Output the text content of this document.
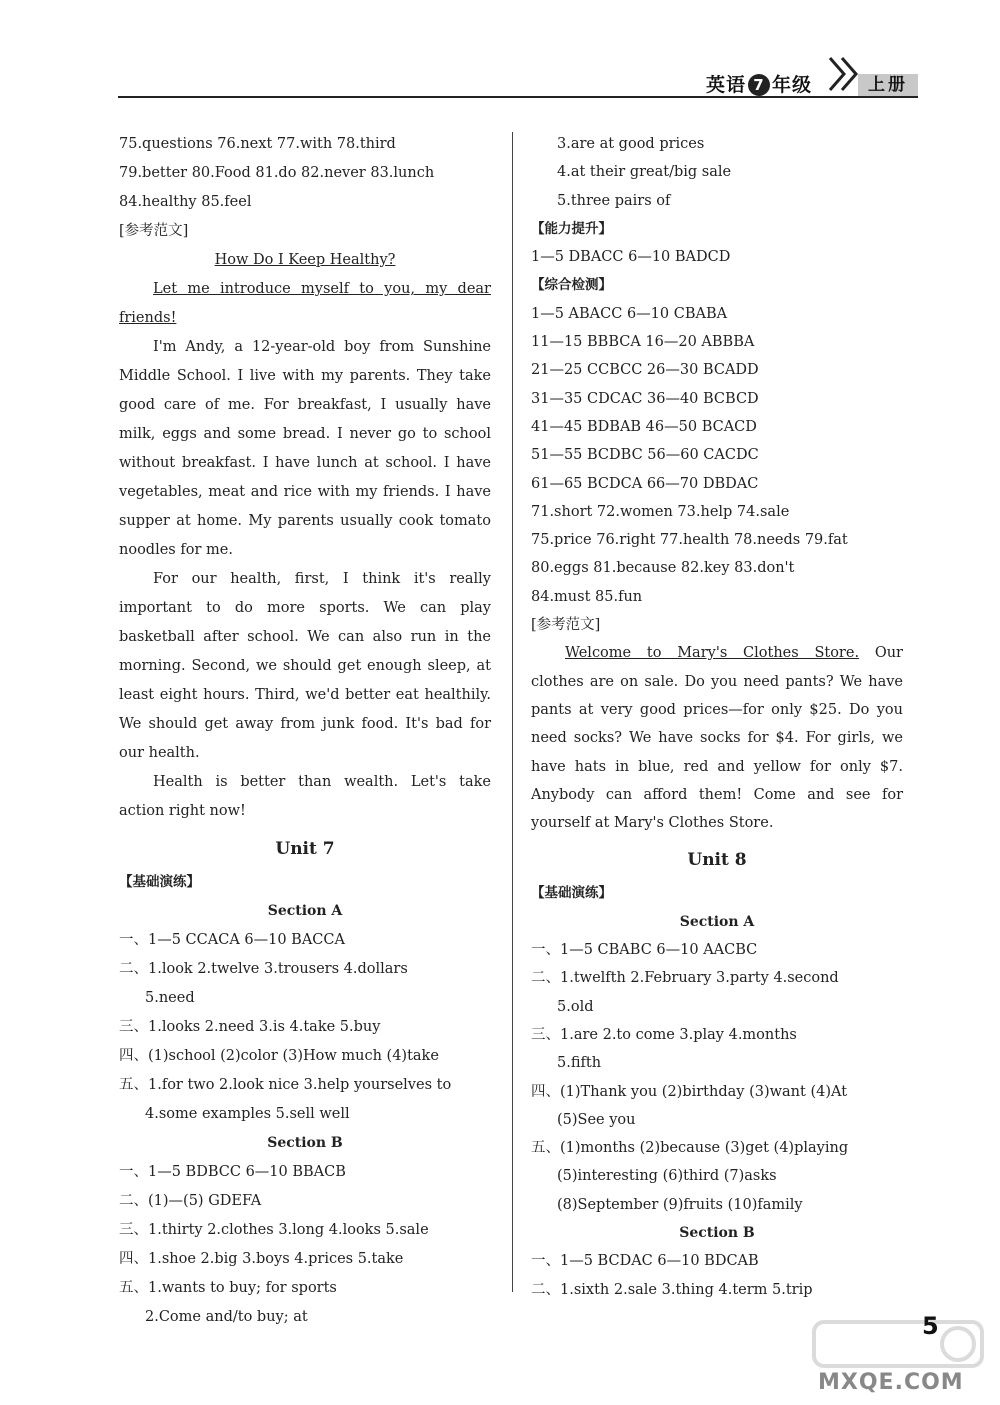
英语 7 年级	上册
75.questions 76.next 77.with 78.third
79.better 80.Food 81.do 82.never 83.lunch
84.healthy 85.feel
[参考范文]
How Do I Keep Healthy?

Let me introduce myself to you, my dear friends!

I'm Andy, a 12-year-old boy from Sunshine Middle School. I live with my parents. They take good care of me. For breakfast, I usually have milk, eggs and some bread. I never go to school without breakfast. I have lunch at school. I have vegetables, meat and rice with my friends. I have supper at home. My parents usually cook tomato noodles for me.

For our health, first, I think it's really important to do more sports. We can play basketball after school. We can also run in the morning. Second, we should get enough sleep, at least eight hours. Third, we'd better eat healthily. We should get away from junk food. It's bad for our health.

Health is better than wealth. Let's take action right now!

Unit 7
【基础演练】
Section A
一、1—5 CCACA 6—10 BACCA
二、1.look 2.twelve 3.trousers 4.dollars
5.need
三、1.looks 2.need 3.is 4.take 5.buy
四、(1)school (2)color (3)How much (4)take
五、1.for two 2.look nice 3.help yourselves to
4.some examples 5.sell well
Section B
一、1—5 BDBCC 6—10 BBACB
二、(1)—(5) GDEFA
三、1.thirty 2.clothes 3.long 4.looks 5.sale
四、1.shoe 2.big 3.boys 4.prices 5.take
五、1.wants to buy; for sports
2.Come and/to buy; at
3.are at good prices
4.at their great/big sale
5.three pairs of
【能力提升】
1—5 DBACC 6—10 BADCD
【综合检测】
1—5 ABACC 6—10 CBABA
11—15 BBBCA 16—20 ABBBA
21—25 CCBCC 26—30 BCADD
31—35 CDCAC 36—40 BCBCD
41—45 BDBAB 46—50 BCACD
51—55 BCDBC 56—60 CACDC
61—65 BCDCA 66—70 DBDAC
71.short 72.women 73.help 74.sale
75.price 76.right 77.health 78.needs 79.fat
80.eggs 81.because 82.key 83.don't
84.must 85.fun
[参考范文]

Welcome to Mary's Clothes Store. Our clothes are on sale. Do you need pants? We have pants at very good prices—for only $25. Do you need socks? We have socks for $4. For girls, we have hats in blue, red and yellow for only $7. Anybody can afford them! Come and see for yourself at Mary's Clothes Store.

Unit 8
【基础演练】
Section A
一、1—5 CBABC 6—10 AACBC
二、1.twelfth 2.February 3.party 4.second
5.old
三、1.are 2.to come 3.play 4.months
5.fifth
四、(1)Thank you (2)birthday (3)want (4)At
(5)See you
五、(1)months (2)because (3)get (4)playing
(5)interesting (6)third (7)asks
(8)September (9)fruits (10)family
Section B
一、1—5 BCDAC 6—10 BDCAB
二、1.sixth 2.sale 3.thing 4.term 5.trip
MXQE.COM
5
